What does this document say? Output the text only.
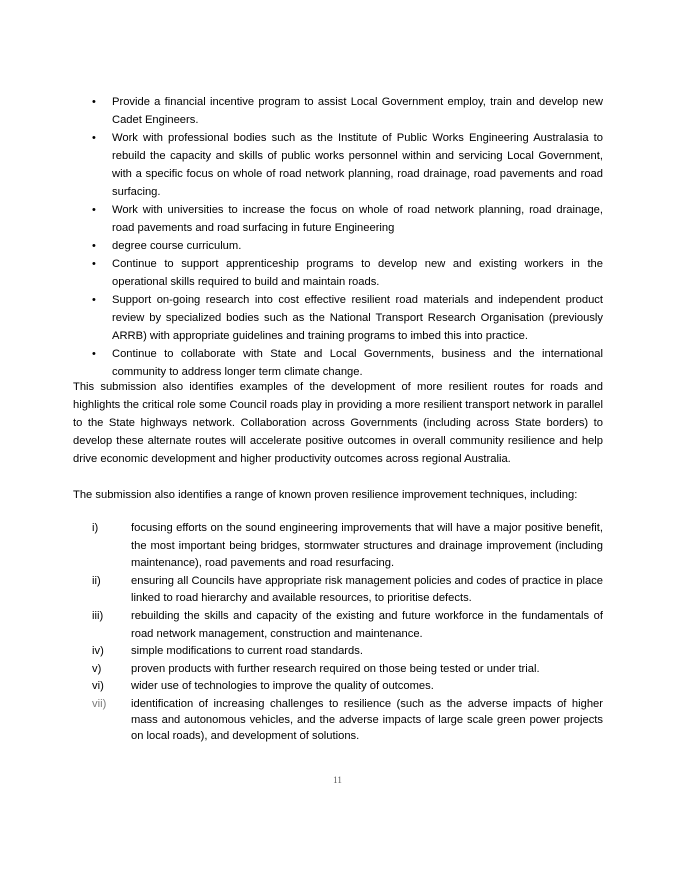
• Provide a financial incentive program to assist Local Government employ, train and develop new Cadet Engineers.
• Work with professional bodies such as the Institute of Public Works Engineering Australasia to rebuild the capacity and skills of public works personnel within and servicing Local Government, with a specific focus on whole of road network planning, road drainage, road pavements and road surfacing.
• Work with universities to increase the focus on whole of road network planning, road drainage, road pavements and road surfacing in future Engineering
• degree course curriculum.
• Continue to support apprenticeship programs to develop new and existing workers in the operational skills required to build and maintain roads.
• Support on-going research into cost effective resilient road materials and independent product review by specialized bodies such as the National Transport Research Organisation (previously ARRB) with appropriate guidelines and training programs to imbed this into practice.
• Continue to collaborate with State and Local Governments, business and the international community to address longer term climate change.

This submission also identifies examples of the development of more resilient routes for roads and highlights the critical role some Council roads play in providing a more resilient transport network in parallel to the State highways network. Collaboration across Governments (including across State borders) to develop these alternate routes will accelerate positive outcomes in overall community resilience and help drive economic development and higher productivity outcomes across regional Australia.

The submission also identifies a range of known proven resilience improvement techniques, including:

i)	focusing efforts on the sound engineering improvements that will have a major positive benefit, the most important being bridges, stormwater structures and drainage improvement (including maintenance), road pavements and road resurfacing.
ii)	ensuring all Councils have appropriate risk management policies and codes of practice in place linked to road hierarchy and available resources, to prioritise defects.
iii) rebuilding the skills and capacity of the existing and future workforce in the fundamentals of road network management, construction and maintenance.
iv) simple modifications to current road standards.
v)	proven products with further research required on those being tested or under trial.
vi) wider use of technologies to improve the quality of outcomes.
vii) identification of increasing challenges to resilience (such as the adverse impacts of higher mass and autonomous vehicles, and the adverse impacts of large scale green power projects on local roads), and development of solutions.
11
